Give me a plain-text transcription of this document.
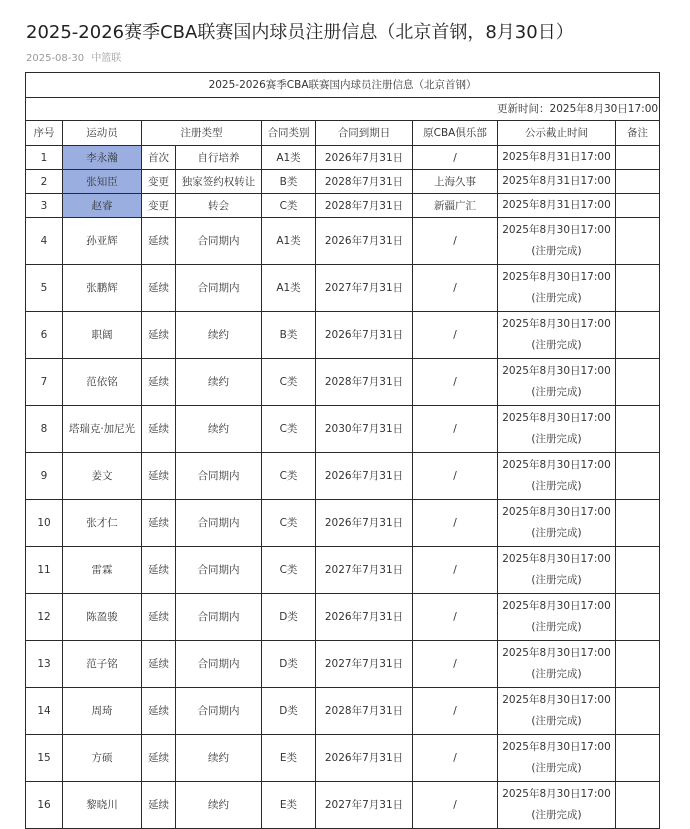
2025-2026赛季CBA联赛国内球员注册信息（北京首钢，8月30日）
2025-08-30 中篮联
2025-2026赛季CBA联赛国内球员注册信息（北京首钢）								
更新时间：2025年8月30日17:00								
序号	运动员	注册类型		合同类别	合同到期日	原CBA俱乐部	公示截止时间	备注
1	李永瀚	首次	自行培养	A1类	2026年7月31日	/	2025年8月31日17:00	

2	张知臣	变更	独家签约权转让	B类	2028年7月31日	上海久事	2025年8月31日17:00	

3	赵睿	变更	转会	C类	2028年7月31日	新疆广汇	2025年8月31日17:00	

4	孙亚辉	延续	合同期内	A1类	2026年7月31日	/	2025年8月30日17:00
(注册完成)	

5	张鹏辉	延续	合同期内	A1类	2027年7月31日	/	2025年8月30日17:00
(注册完成)	

6	职阔	延续	续约	B类	2026年7月31日	/	2025年8月30日17:00
(注册完成)	

7	范依铭	延续	续约	C类	2028年7月31日	/	2025年8月30日17:00
(注册完成)	

8	塔瑞克·加尼光	延续	续约	C类	2030年7月31日	/	2025年8月30日17:00
(注册完成)	

9	姜文	延续	合同期内	C类	2026年7月31日	/	2025年8月30日17:00
(注册完成)	

10	张才仁	延续	合同期内	C类	2026年7月31日	/	2025年8月30日17:00
(注册完成)	

11	雷霖	延续	合同期内	C类	2027年7月31日	/	2025年8月30日17:00
(注册完成)	

12	陈盈骏	延续	合同期内	D类	2026年7月31日	/	2025年8月30日17:00
(注册完成)	

13	范子铭	延续	合同期内	D类	2027年7月31日	/	2025年8月30日17:00
(注册完成)	

14	周琦	延续	合同期内	D类	2028年7月31日	/	2025年8月30日17:00
(注册完成)	

15	方硕	延续	续约	E类	2026年7月31日	/	2025年8月30日17:00
(注册完成)	

16	黎晓川	延续	续约	E类	2027年7月31日	/	2025年8月30日17:00
(注册完成)	
